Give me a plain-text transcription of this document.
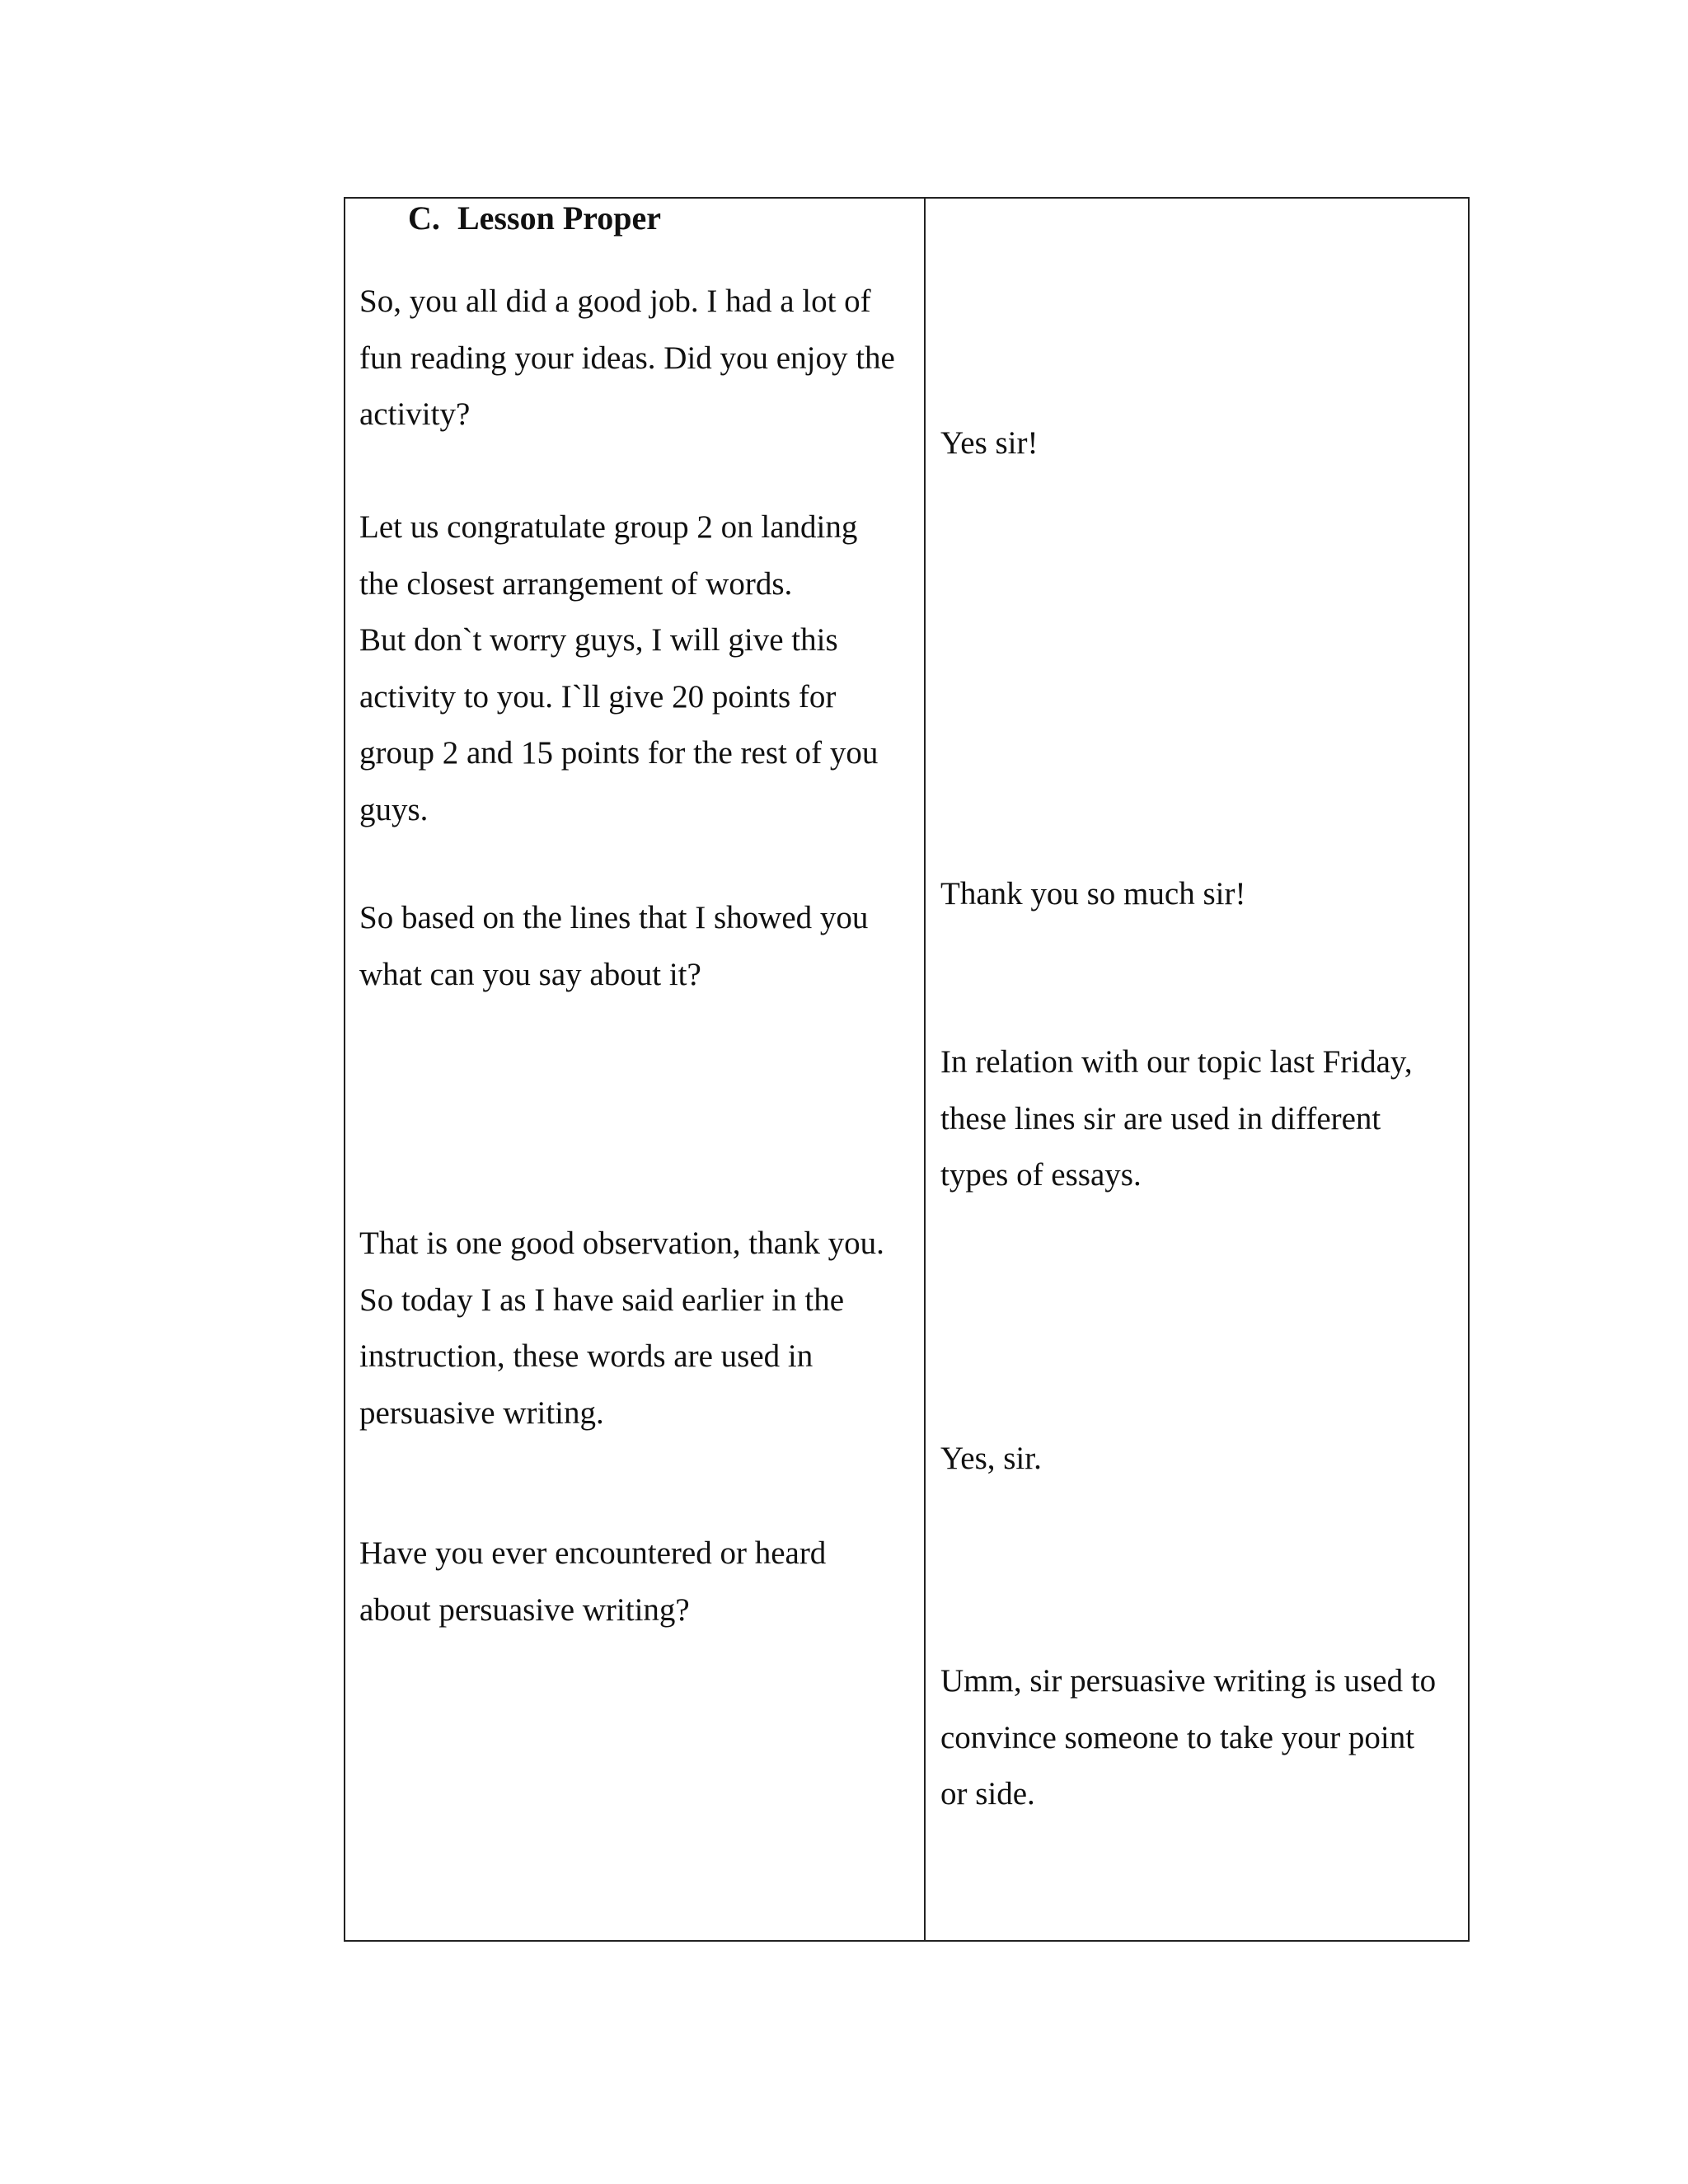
C. Lesson Proper

So, you all did a good job. I had a lot of
fun reading your ideas. Did you enjoy the
activity?

Let us congratulate group 2 on landing
the closest arrangement of words.
But don`t worry guys, I will give this
activity to you. I`ll give 20 points for
group 2 and 15 points for the rest of you
guys.

So based on the lines that I showed you
what can you say about it?

That is one good observation, thank you.
So today I as I have said earlier in the
instruction, these words are used in
persuasive writing.

Have you ever encountered or heard
about persuasive writing?

Yes sir!

Thank you so much sir!

In relation with our topic last Friday,
these lines sir are used in different
types of essays.

Yes, sir.

Umm, sir persuasive writing is used to
convince someone to take your point
or side.
